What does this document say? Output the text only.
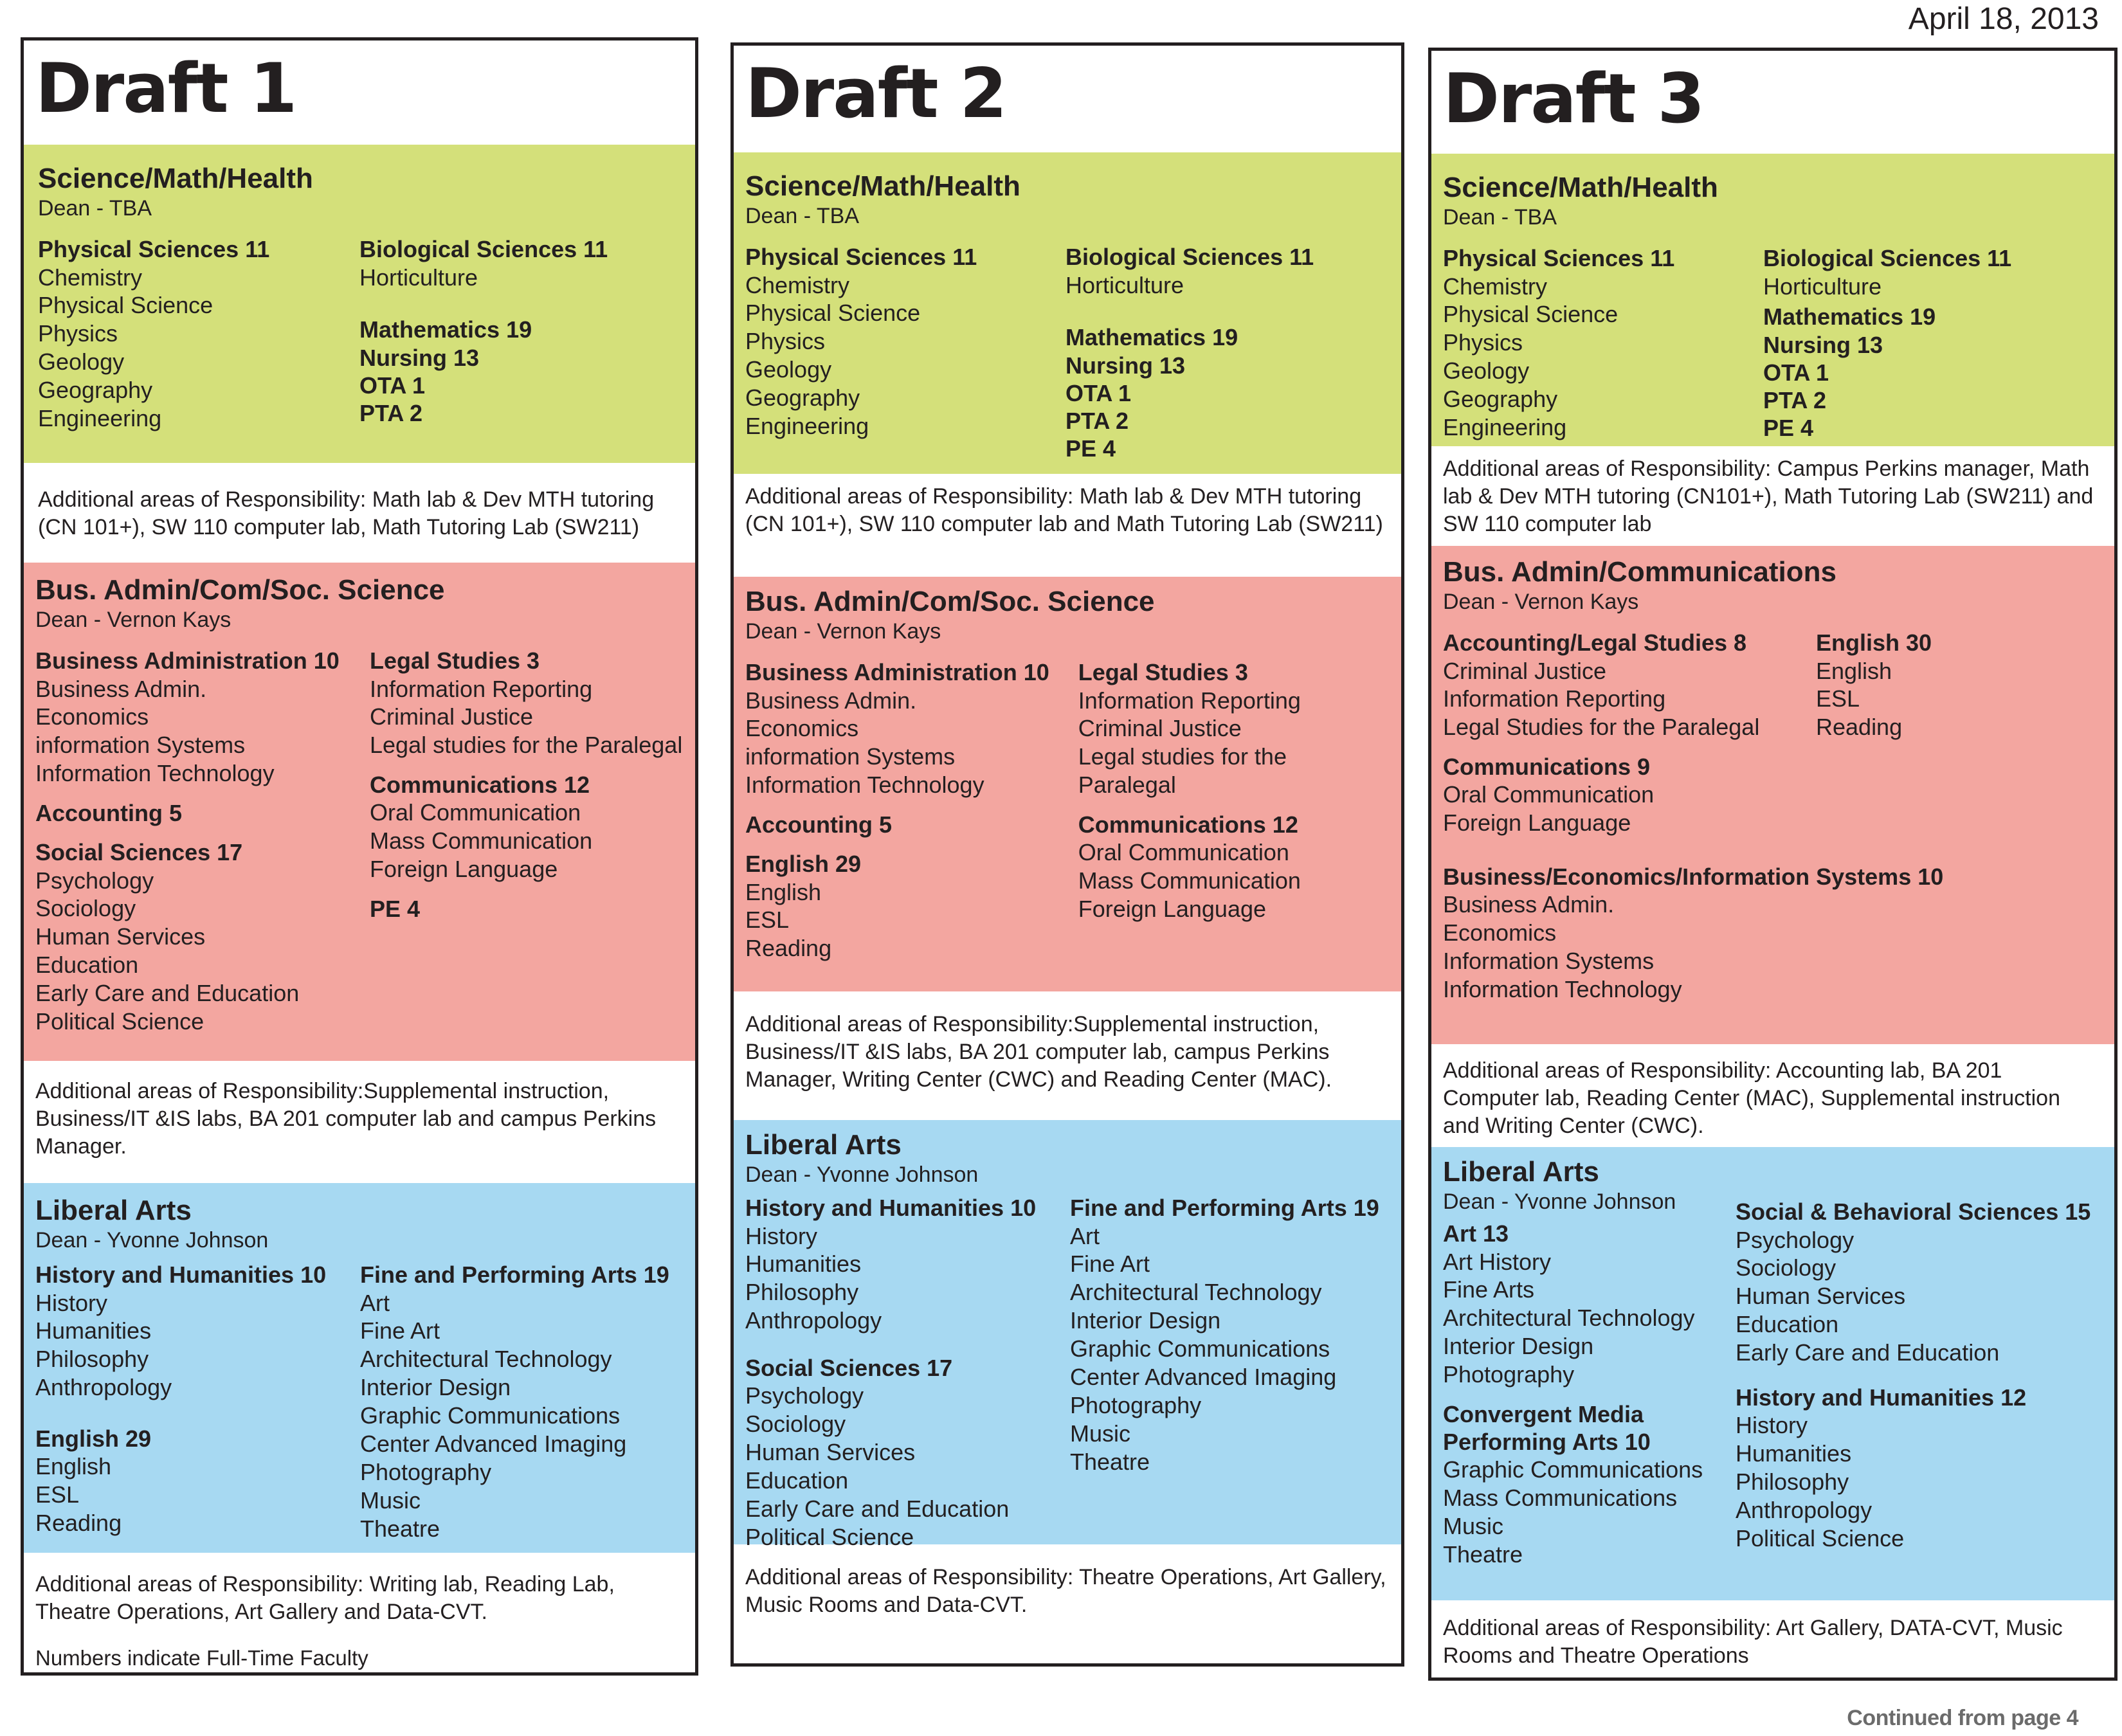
April 18, 2013
Draft 1
Science/Math/Health
Dean - TBA
Physical Sciences 11
Chemistry
Physical Science
Physics
Geology
Geography
Engineering
Biological Sciences 11
Horticulture
Mathematics 19
Nursing 13
OTA 1
PTA 2
Additional areas of Responsibility: Math lab & Dev MTH tutoring (CN 101+), SW 110 computer lab, Math Tutoring Lab (SW211)
Bus. Admin/Com/Soc. Science
Dean - Vernon Kays
Business Administration 10
Business Admin.
Economics
information Systems
Information Technology
Accounting 5
Social Sciences 17
Psychology
Sociology
Human Services
Education
Early Care and Education
Political Science
Legal Studies 3
Information Reporting
Criminal Justice
Legal studies for the Paralegal
Communications 12
Oral Communication
Mass Communication
Foreign Language
PE 4
Additional areas of Responsibility:Supplemental instruction, Business/IT &IS labs, BA 201 computer lab and campus Perkins Manager.
Liberal Arts
Dean - Yvonne Johnson
History and Humanities 10
History
Humanities
Philosophy
Anthropology
English 29
English
ESL
Reading
Fine and Performing Arts 19
Art
Fine Art
Architectural Technology
Interior Design
Graphic Communications
Center Advanced Imaging
Photography
Music
Theatre
Additional areas of Responsibility: Writing lab, Reading Lab, Theatre Operations, Art Gallery and Data-CVT.
Numbers indicate Full-Time Faculty
Draft 2
Science/Math/Health
Dean - TBA
Physical Sciences 11
Chemistry
Physical Science
Physics
Geology
Geography
Engineering
Biological Sciences 11
Horticulture
Mathematics 19
Nursing 13
OTA 1
PTA 2
PE 4
Additional areas of Responsibility: Math lab & Dev MTH tutoring (CN 101+), SW 110 computer lab and Math Tutoring Lab (SW211)
Bus. Admin/Com/Soc. Science
Dean - Vernon Kays
Business Administration 10
Business Admin.
Economics
information Systems
Information Technology
Accounting 5
English 29
English
ESL
Reading
Legal Studies 3
Information Reporting
Criminal Justice
Legal studies for the Paralegal
Communications 12
Oral Communication
Mass Communication
Foreign Language
Additional areas of Responsibility:Supplemental instruction, Business/IT &IS labs, BA 201 computer lab, campus Perkins Manager, Writing Center (CWC) and Reading Center (MAC).
Liberal Arts
Dean - Yvonne Johnson
History and Humanities 10
History
Humanities
Philosophy
Anthropology
Social Sciences 17
Psychology
Sociology
Human Services
Education
Early Care and Education
Political Science
Fine and Performing Arts 19
Art
Fine Art
Architectural Technology
Interior Design
Graphic Communications
Center Advanced Imaging
Photography
Music
Theatre
Additional areas of Responsibility: Theatre Operations, Art Gallery, Music Rooms and Data-CVT.
Draft 3
Science/Math/Health
Dean - TBA
Physical Sciences 11
Chemistry
Physical Science
Physics
Geology
Geography
Engineering
Biological Sciences 11
Horticulture
Mathematics 19
Nursing 13
OTA 1
PTA 2
PE 4
Additional areas of Responsibility: Campus Perkins manager, Math lab & Dev MTH tutoring (CN101+), Math Tutoring Lab (SW211) and SW 110 computer lab
Bus. Admin/Communications
Dean - Vernon Kays
Accounting/Legal Studies 8
Criminal Justice
Information Reporting
Legal Studies for the Paralegal
English 30
English
ESL
Reading
Communications 9
Oral Communication
Foreign Language
Business/Economics/Information Systems 10
Business Admin.
Economics
Information Systems
Information Technology
Additional areas of Responsibility: Accounting lab, BA 201 Computer lab, Reading Center (MAC), Supplemental instruction and Writing Center (CWC).
Liberal Arts
Dean - Yvonne Johnson
Art 13
Art History
Fine Arts
Architectural Technology
Interior Design
Photography
Convergent Media Performing Arts 10
Graphic Communications
Mass Communications
Music
Theatre
Social & Behavioral Sciences 15
Psychology
Sociology
Human Services
Education
Early Care and Education
History and Humanities 12
History
Humanities
Philosophy
Anthropology
Political Science
Additional areas of Responsibility: Art Gallery, DATA-CVT, Music Rooms and Theatre Operations
Continued from page 4
